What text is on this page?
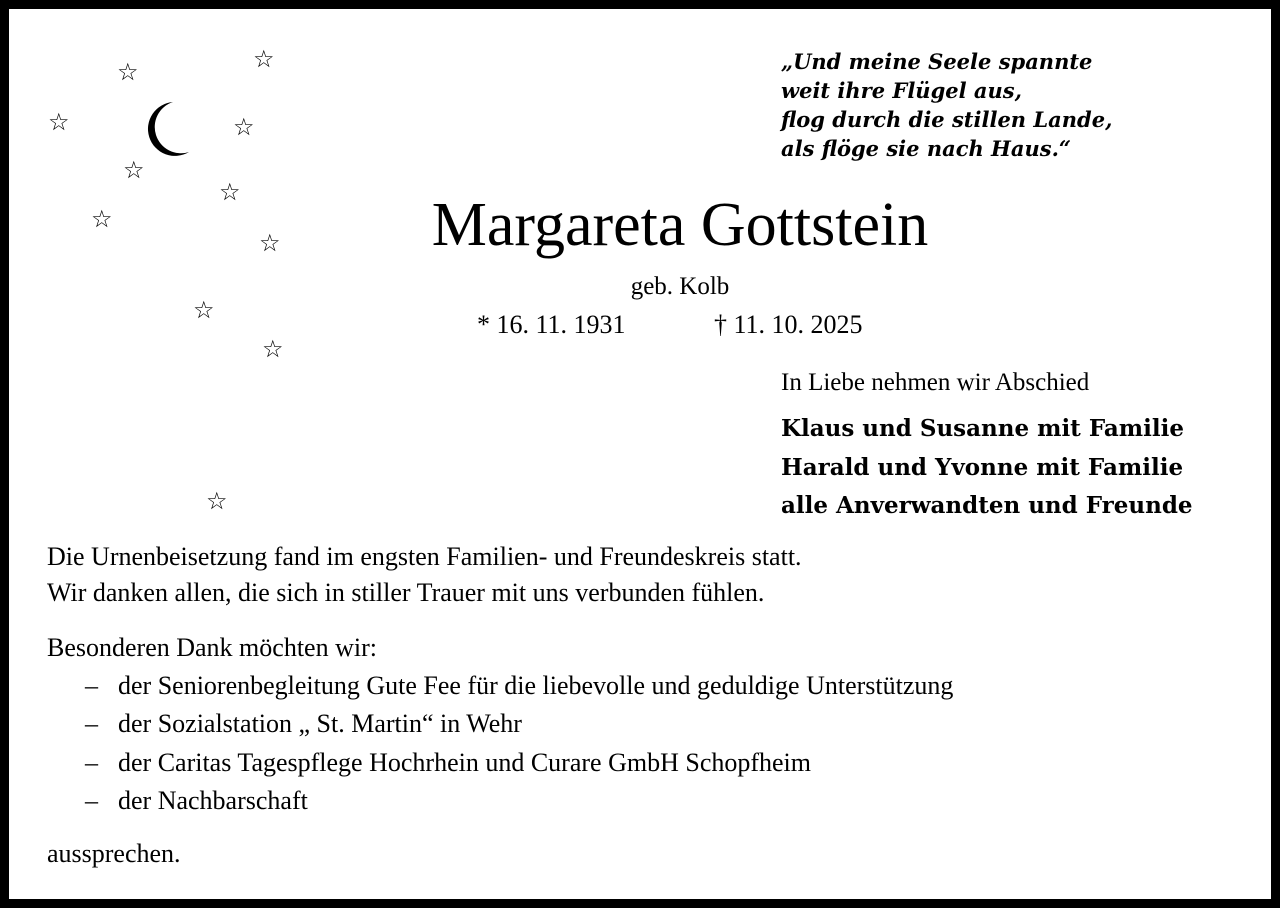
☆
☆
☆	☆
☆
☆
☆
☆
☆
☆
☆
„Und meine Seele spannte
weit ihre Flügel aus,
flog durch die stillen Lande,
als flöge sie nach Haus.“
Margareta Gottstein
geb. Kolb
* 16. 11. 1931	† 11. 10. 2025
In Liebe nehmen wir Abschied
Klaus und Susanne mit Familie
Harald und Yvonne mit Familie
alle Anverwandten und Freunde
Die Urnenbeisetzung fand im engsten Familien- und Freundeskreis statt.
Wir danken allen, die sich in stiller Trauer mit uns verbunden fühlen.
Besonderen Dank möchten wir:
– der Seniorenbegleitung Gute Fee für die liebevolle und geduldige Unterstützung
– der Sozialstation „ St. Martin“ in Wehr
– der Caritas Tagespflege Hochrhein und Curare GmbH Schopfheim
– der Nachbarschaft
aussprechen.
